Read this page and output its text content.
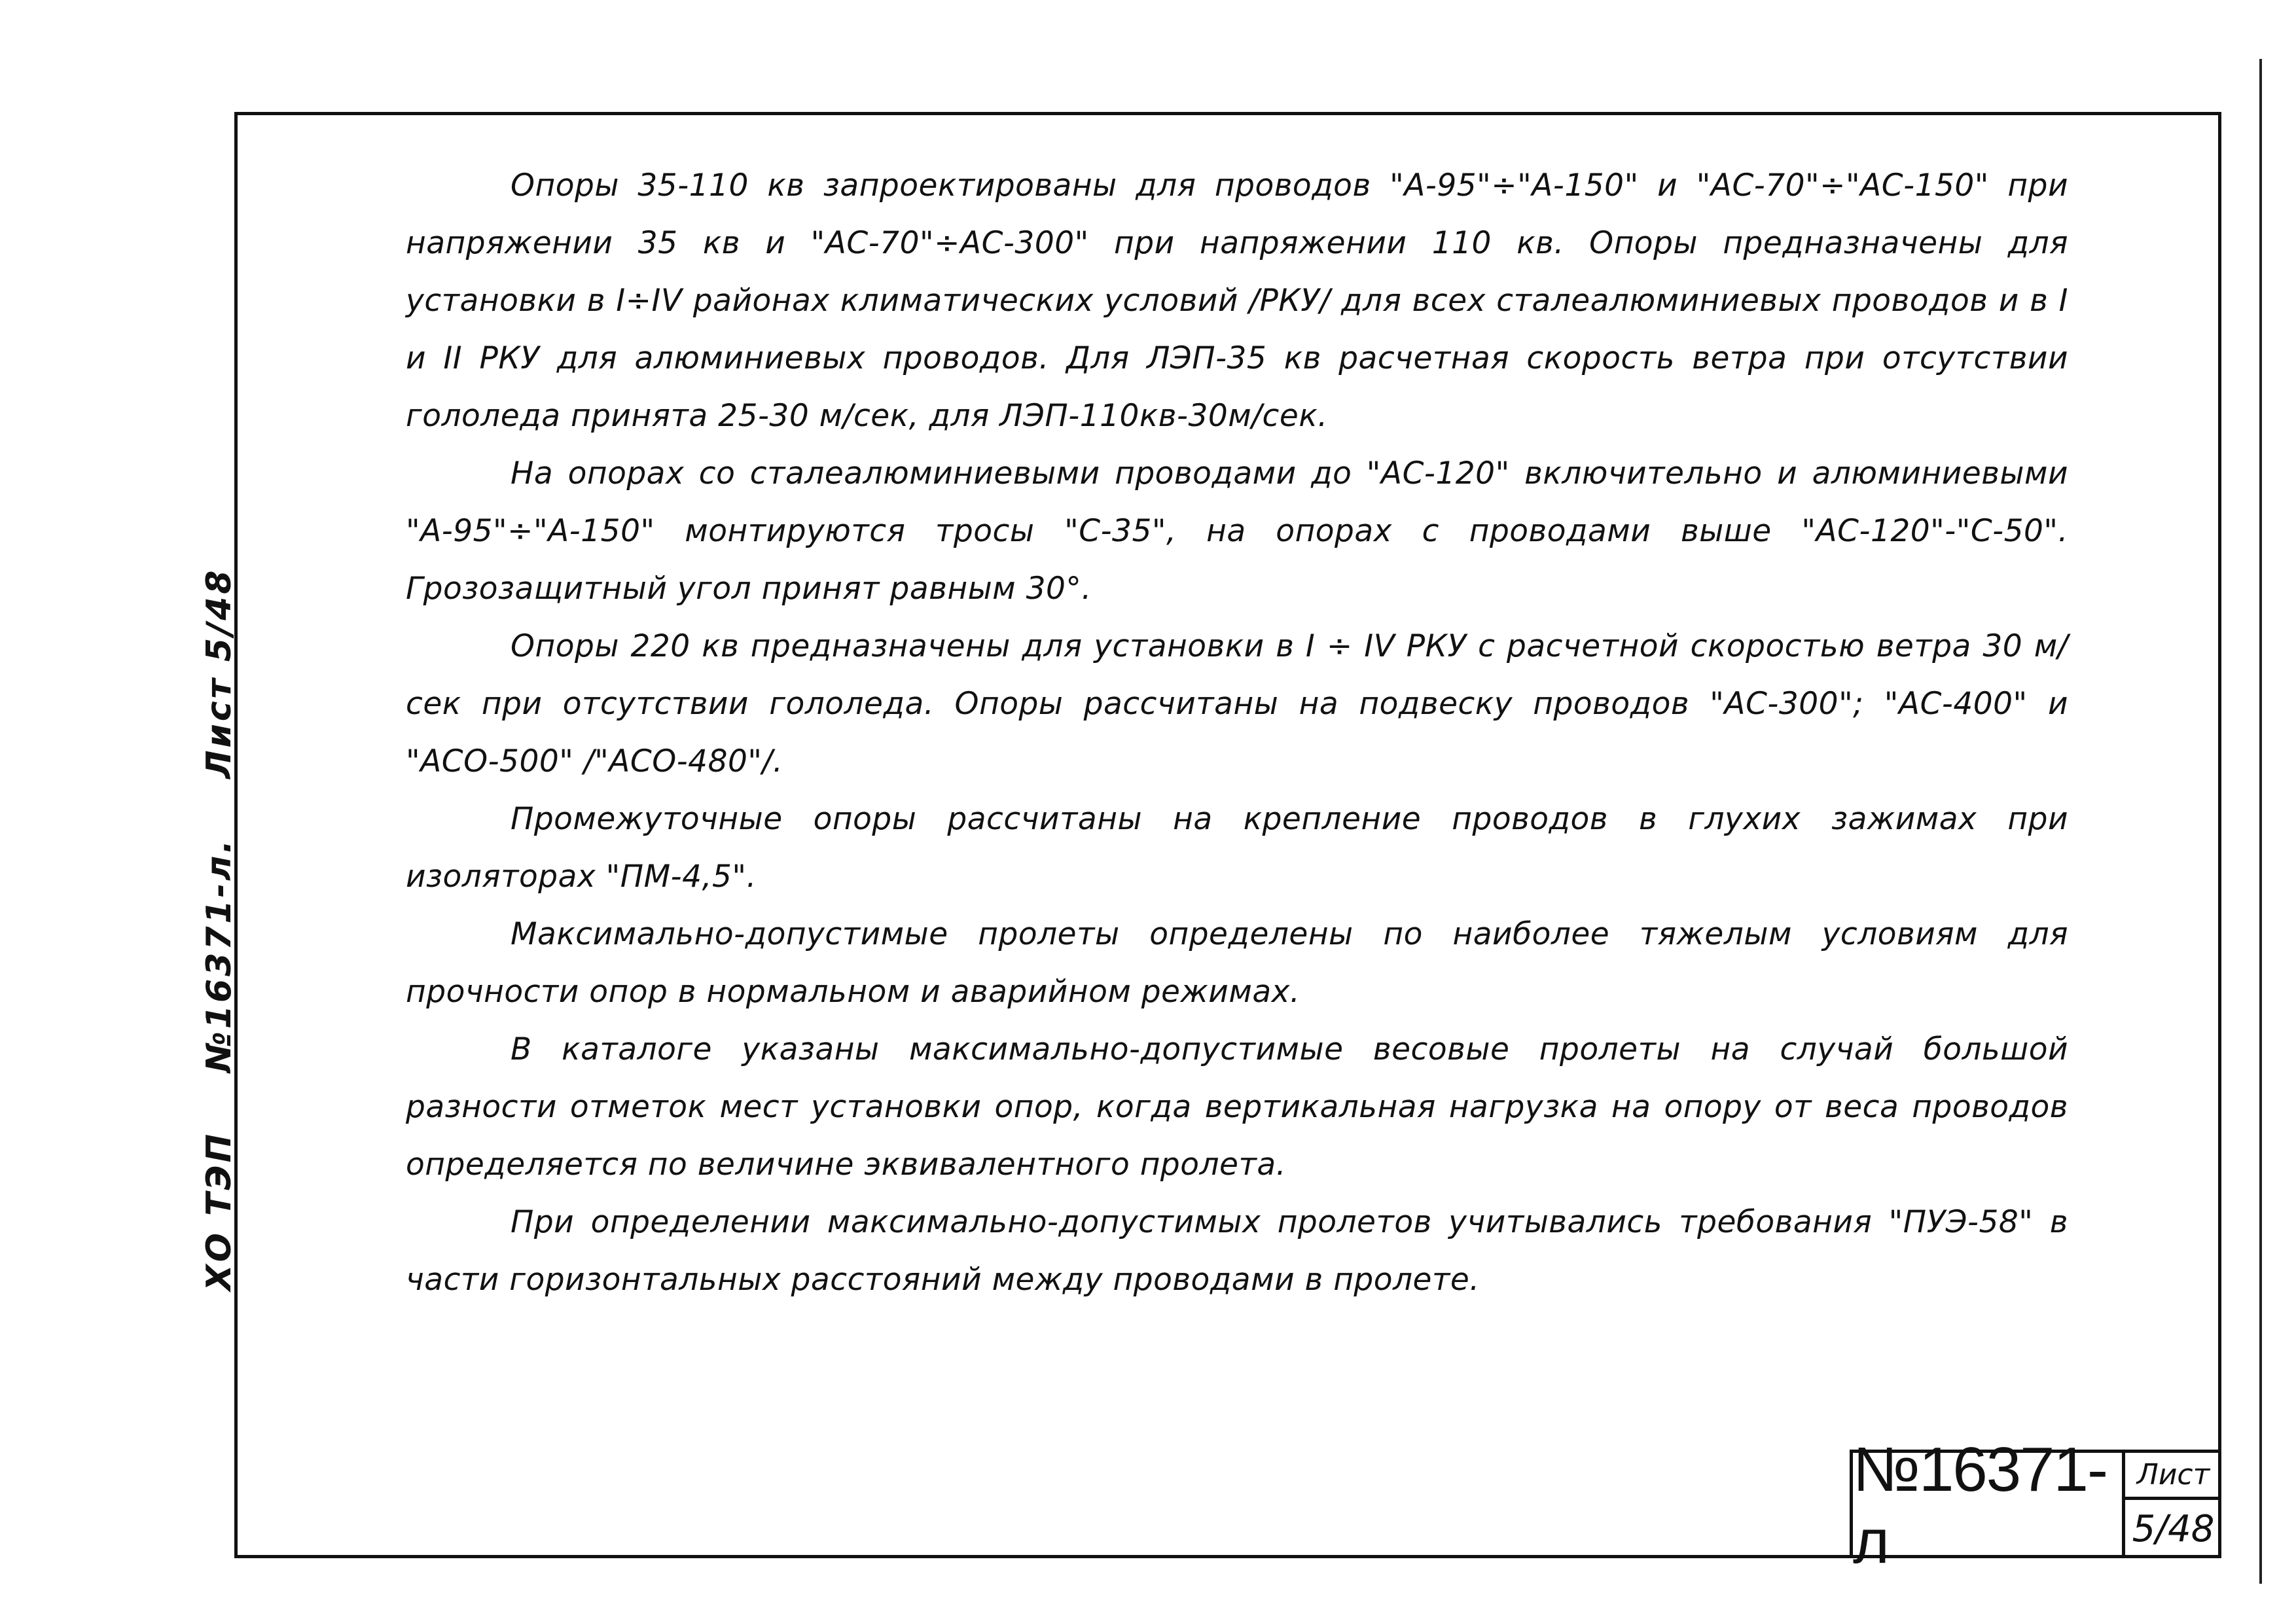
ХО ТЭП №16371-л. Лист 5/48

Опоры 35-110 кв запроектированы для проводов "А-95"÷"А-150" и "АС-70"÷"АС-150" при напряжении 35 кв и "АС-70"÷АС-300" при напряжении 110 кв. Опоры предназначены для установки в I÷IV районах климатических условий /РКУ/ для всех сталеалюминиевых проводов и в I и II РКУ для алюминиевых проводов. Для ЛЭП-35 кв расчетная скорость ветра при отсутствии гололеда принята 25-30 м/сек, для ЛЭП-110кв-30м/сек.

На опорах со сталеалюминиевыми проводами до "АС-120" включительно и алюминиевыми "А-95"÷"А-150" монтируются тросы "С-35", на опорах с проводами выше "АС-120"-"С-50". Грозозащитный угол принят равным 30°.

Опоры 220 кв предназначены для установки в I ÷ IV РКУ с расчетной скоростью ветра 30 м/сек при отсутствии гололеда. Опоры рассчитаны на подвеску проводов "АС-300"; "АС-400" и "АСО-500" /"АСО-480"/.

Промежуточные опоры рассчитаны на крепление проводов в глухих зажимах при изоляторах "ПМ-4,5".

Максимально-допустимые пролеты определены по наиболее тяжелым условиям для прочности опор в нормальном и аварийном режимах.

В каталоге указаны максимально-допустимые весовые пролеты на случай большой разности отметок мест установки опор, когда вертикальная нагрузка на опору от веса проводов определяется по величине эквивалентного пролета.

При определении максимально-допустимых пролетов учитывались требования "ПУЭ-58" в части горизонтальных расстояний между проводами в пролете.

№16371-л
Лист
5/48
